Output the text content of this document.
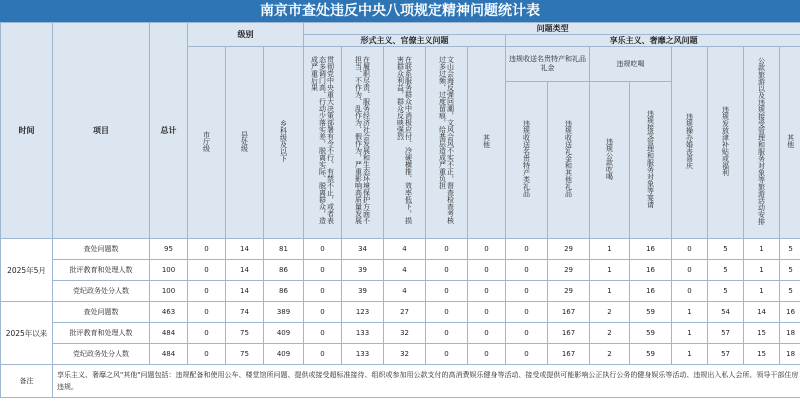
南京市查处违反中央八项规定精神问题统计表
时间	项目	总计	级别			问题类型												
						形式主义、官僚主义问题					享乐主义、奢靡之风问题							
			市厅级	县处级	乡科级及以下	贯彻党中央重大决策部署有令不行、有禁不止，或者表态多调门高、行动少落实差，脱离实际、脱离群众，造成严重后果	在履职尽责、服务经济社会发展和生态环境保护方面不担当、不作为、乱作为、假作为，严重影响高质量发展	在联系服务群众中消极应付、冷硬横推、效率低下，损害群众利益，群众反映强烈	文山会海反弹回潮，文风会风不实不正，督查检查考核过多过频、过度留痕，给基层造成严重负担	其他	违规收送名贵特产和礼品礼金		违规吃喝		违规操办婚丧喜庆	违规发放津补贴或福利	公款旅游以及违规接受管理和服务对象等旅游活动安排	其他
											违规收送名贵特产类礼品	违规收送礼金和其他礼品	违规公款吃喝	违规接受管理和服务对象等宴请				
2025年5月	查处问题数	95	0	14	81	0	34	4	0	0	0	29	1	16	0	5	1	5
	批评教育和处理人数	100	0	14	86	0	39	4	0	0	0	29	1	16	0	5	1	5
	党纪政务处分人数	100	0	14	86	0	39	4	0	0	0	29	1	16	0	5	1	5
2025年以来	查处问题数	463	0	74	389	0	123	27	0	0	0	167	2	59	1	54	14	16
	批评教育和处理人数	484	0	75	409	0	133	32	0	0	0	167	2	59	1	57	15	18
	党纪政务处分人数	484	0	75	409	0	133	32	0	0	0	167	2	59	1	57	15	18
备注	享乐主义、奢靡之风"其他"问题包括：违规配备和使用公车、楼堂馆所问题、提供或接受超标准接待、组织或参加用公款支付的高消费娱乐健身等活动、接受或提供可能影响公正执行公务的健身娱乐等活动、违规出入私人会所、领导干部住房违规。																	
